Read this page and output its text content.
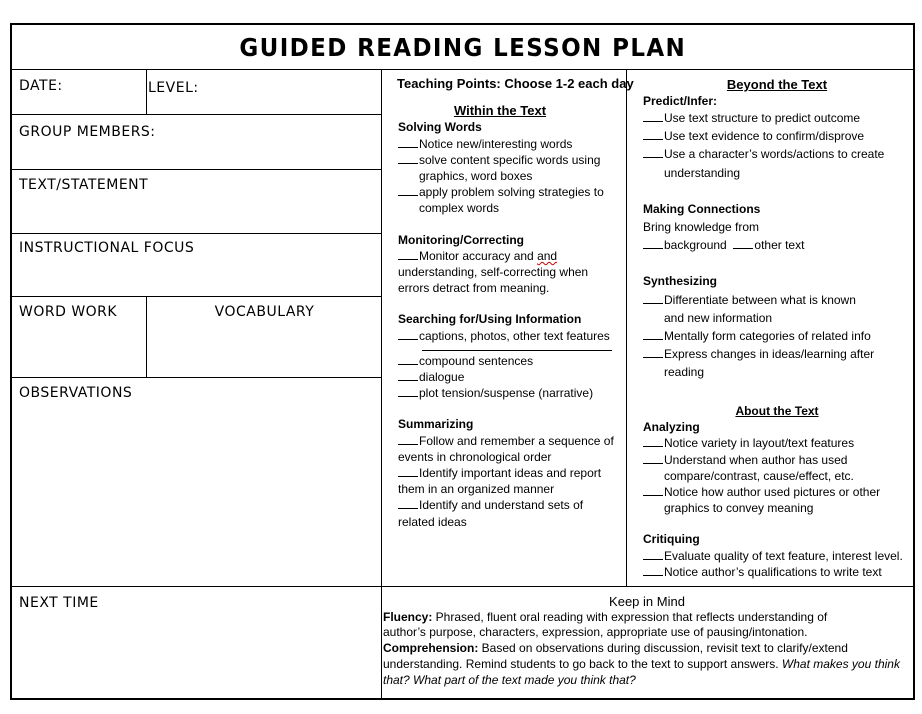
GUIDED READING LESSON PLAN
DATE:	LEVEL:
GROUP MEMBERS:
TEXT/STATEMENT
INSTRUCTIONAL FOCUS
WORD WORK	VOCABULARY
OBSERVATIONS
NEXT TIME
Teaching Points: Choose 1-2 each day
Within the Text
Solving Words
Notice new/interesting words
solve content specific words using
graphics, word boxes
apply problem solving strategies to
complex words
Monitoring/Correcting
Monitor accuracy and and
understanding, self-correcting when
errors detract from meaning.
Searching for/Using Information
captions, photos, other text features
compound sentences
dialogue
plot tension/suspense (narrative)
Summarizing
Follow and remember a sequence of
events in chronological order
Identify important ideas and report
them in an organized manner
Identify and understand sets of
related ideas
Beyond the Text
Predict/Infer:
Use text structure to predict outcome
Use text evidence to confirm/disprove
Use a character’s words/actions to create
understanding
Making Connections
Bring knowledge from
background other text
Synthesizing
Differentiate between what is known
and new information
Mentally form categories of related info
Express changes in ideas/learning after
reading
About the Text
Analyzing
Notice variety in layout/text features
Understand when author has used
compare/contrast, cause/effect, etc.
Notice how author used pictures or other
graphics to convey meaning
Critiquing
Evaluate quality of text feature, interest level.
Notice author’s qualifications to write text
Keep in Mind
Fluency: Phrased, fluent oral reading with expression that reflects understanding of
author’s purpose, characters, expression, appropriate use of pausing/intonation.
Comprehension: Based on observations during discussion, revisit text to clarify/extend
understanding. Remind students to go back to the text to support answers. What makes you think
that? What part of the text made you think that?
